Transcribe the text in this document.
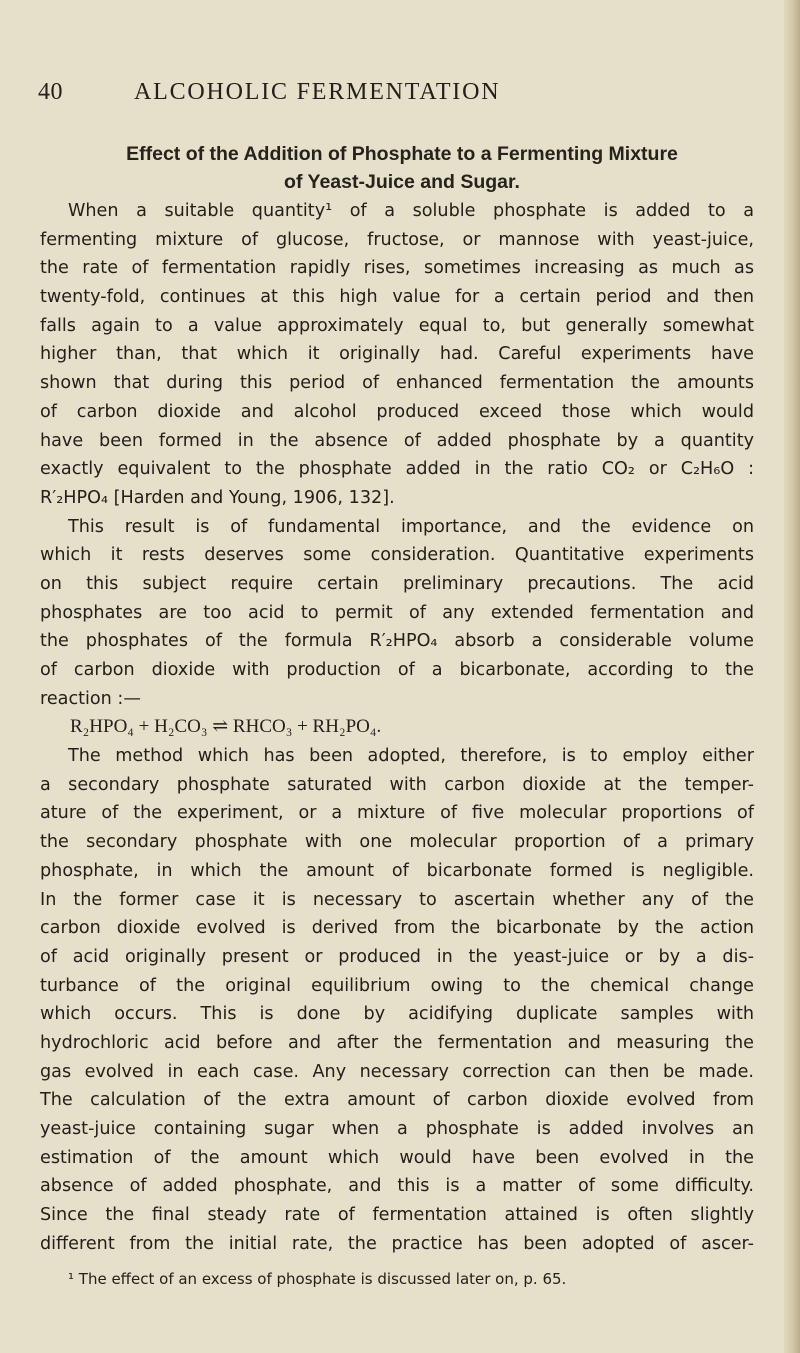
40	ALCOHOLIC FERMENTATION
Effect of the Addition of Phosphate to a Fermenting Mixture
of Yeast-Juice and Sugar.
When a suitable quantity¹ of a soluble phosphate is added to a
fermenting mixture of glucose, fructose, or mannose with yeast-juice,
the rate of fermentation rapidly rises, sometimes increasing as much as
twenty-fold, continues at this high value for a certain period and then
falls again to a value approximately equal to, but generally somewhat
higher than, that which it originally had. Careful experiments have
shown that during this period of enhanced fermentation the amounts
of carbon dioxide and alcohol produced exceed those which would
have been formed in the absence of added phosphate by a quantity
exactly equivalent to the phosphate added in the ratio CO₂ or C₂H₆O :
R′₂HPO₄ [Harden and Young, 1906, 132].
This result is of fundamental importance, and the evidence on
which it rests deserves some consideration. Quantitative experiments
on this subject require certain preliminary precautions. The acid
phosphates are too acid to permit of any extended fermentation and
the phosphates of the formula R′₂HPO₄ absorb a considerable volume
of carbon dioxide with production of a bicarbonate, according to the
reaction :—
R₂HPO₄ + H₂CO₃ ⇌ RHCO₃ + RH₂PO₄.
The method which has been adopted, therefore, is to employ either
a secondary phosphate saturated with carbon dioxide at the temper-
ature of the experiment, or a mixture of five molecular proportions of
the secondary phosphate with one molecular proportion of a primary
phosphate, in which the amount of bicarbonate formed is negligible.
In the former case it is necessary to ascertain whether any of the
carbon dioxide evolved is derived from the bicarbonate by the action
of acid originally present or produced in the yeast-juice or by a dis-
turbance of the original equilibrium owing to the chemical change
which occurs. This is done by acidifying duplicate samples with
hydrochloric acid before and after the fermentation and measuring the
gas evolved in each case. Any necessary correction can then be made.
The calculation of the extra amount of carbon dioxide evolved from
yeast-juice containing sugar when a phosphate is added involves an
estimation of the amount which would have been evolved in the
absence of added phosphate, and this is a matter of some difficulty.
Since the final steady rate of fermentation attained is often slightly
different from the initial rate, the practice has been adopted of ascer-
¹ The effect of an excess of phosphate is discussed later on, p. 65.
